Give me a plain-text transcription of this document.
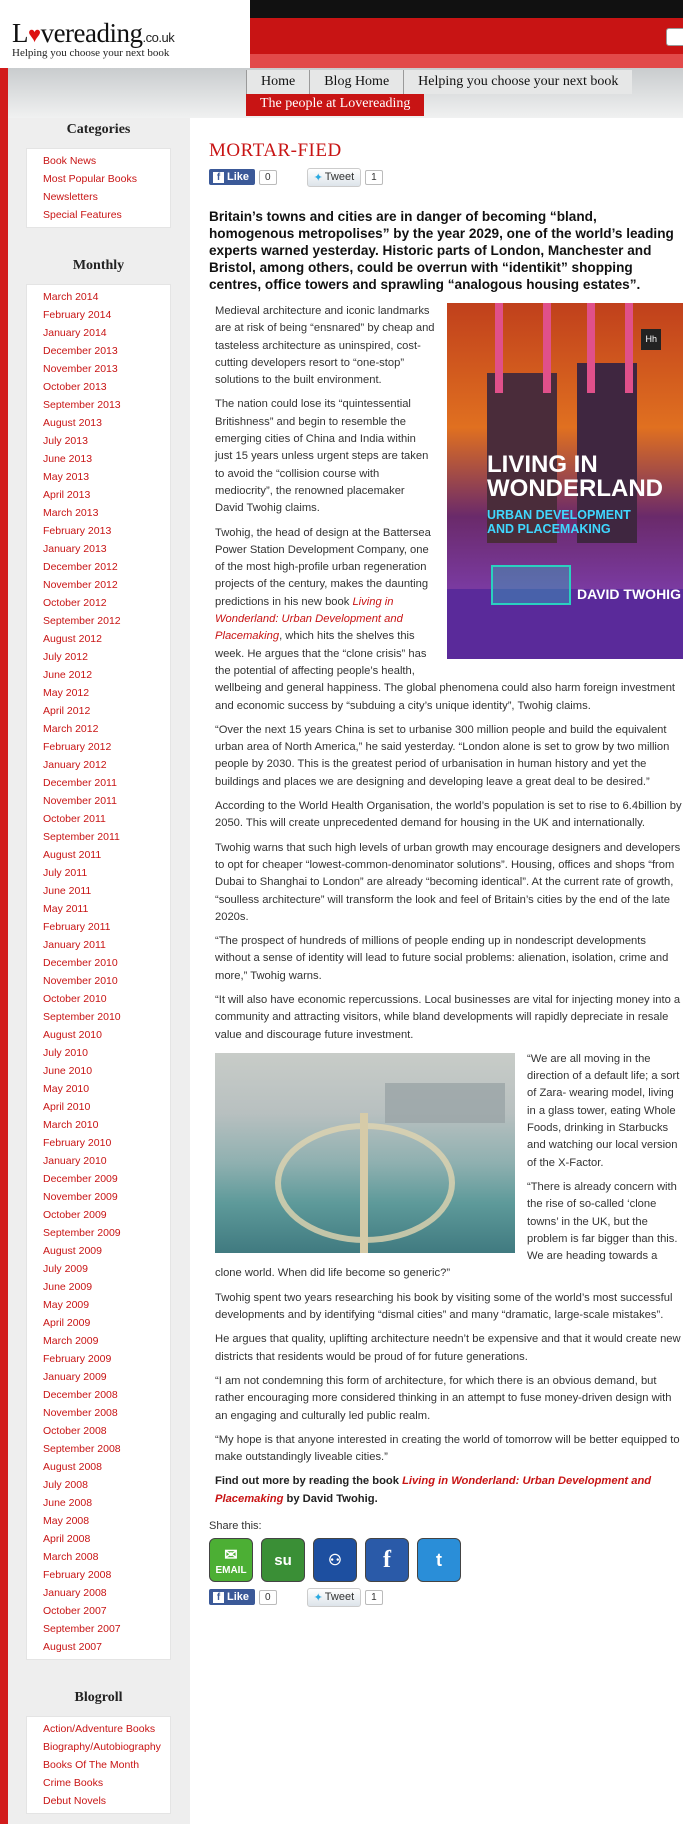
L♥vereading.co.uk
Helping you choose your next book
Home	Blog Home	Helping you choose your next book
The people at Lovereading
Categories
Book News
Most Popular Books
Newsletters
Special Features
Monthly
March 2014
February 2014
January 2014
December 2013
November 2013
October 2013
September 2013
August 2013
July 2013
June 2013
May 2013
April 2013
March 2013
February 2013
January 2013
December 2012
November 2012
October 2012
September 2012
August 2012
July 2012
June 2012
May 2012
April 2012
March 2012
February 2012
January 2012
December 2011
November 2011
October 2011
September 2011
August 2011
July 2011
June 2011
May 2011
February 2011
January 2011
December 2010
November 2010
October 2010
September 2010
August 2010
July 2010
June 2010
May 2010
April 2010
March 2010
February 2010
January 2010
December 2009
November 2009
October 2009
September 2009
August 2009
July 2009
June 2009
May 2009
April 2009
March 2009
February 2009
January 2009
December 2008
November 2008
October 2008
September 2008
August 2008
July 2008
June 2008
May 2008
April 2008
March 2008
February 2008
January 2008
October 2007
September 2007
August 2007
Blogroll
Action/Adventure Books
Biography/Autobiography
Books Of The Month
Crime Books
Debut Novels
MORTAR-FIED
f Like	0	✦ Tweet	1
Britain’s towns and cities are in danger of becoming “bland, homogenous metropolises” by the year 2029, one of the world’s leading experts warned yesterday. Historic parts of London, Manchester and Bristol, among others, could be overrun with “identikit” shopping centres, office towers and sprawling “analogous housing estates”.
Hh
LIVING IN
WONDERLAND
URBAN DEVELOPMENT
AND PLACEMAKING
DAVID TWOHIG

Medieval architecture and iconic landmarks are at risk of being “ensnared” by cheap and tasteless architecture as uninspired, cost-cutting developers resort to “one-stop” solutions to the built environment.

The nation could lose its “quintessential Britishness” and begin to resemble the emerging cities of China and India within just 15 years unless urgent steps are taken to avoid the “collision course with mediocrity”, the renowned placemaker David Twohig claims.

Twohig, the head of design at the Battersea Power Station Development Company, one of the most high-profile urban regeneration projects of the century, makes the daunting predictions in his new book Living in Wonderland: Urban Development and Placemaking, which hits the shelves this week. He argues that the “clone crisis” has the potential of affecting people’s health, wellbeing and general happiness. The global phenomena could also harm foreign investment and economic success by “subduing a city’s unique identity”, Twohig claims.

“Over the next 15 years China is set to urbanise 300 million people and build the equivalent urban area of North America,” he said yesterday. “London alone is set to grow by two million people by 2030. This is the greatest period of urbanisation in human history and yet the buildings and places we are designing and developing leave a great deal to be desired.”

According to the World Health Organisation, the world’s population is set to rise to 6.4billion by 2050. This will create unprecedented demand for housing in the UK and internationally.

Twohig warns that such high levels of urban growth may encourage designers and developers to opt for cheaper “lowest-common-denominator solutions”. Housing, offices and shops “from Dubai to Shanghai to London” are already “becoming identical”. At the current rate of growth, “soulless architecture” will transform the look and feel of Britain’s cities by the end of the late 2020s.

“The prospect of hundreds of millions of people ending up in nondescript developments without a sense of identity will lead to future social problems: alienation, isolation, crime and more,” Twohig warns.

“It will also have economic repercussions. Local businesses are vital for injecting money into a community and attracting visitors, while bland developments will rapidly depreciate in resale value and discourage future investment.

“We are all moving in the direction of a default life; a sort of Zara- wearing model, living in a glass tower, eating Whole Foods, drinking in Starbucks and watching our local version of the X-Factor.

“There is already concern with the rise of so-called ‘clone towns’ in the UK, but the problem is far bigger than this. We are heading towards a clone world. When did life become so generic?”

Twohig spent two years researching his book by visiting some of the world’s most successful developments and by identifying “dismal cities” and many “dramatic, large-scale mistakes”.

He argues that quality, uplifting architecture needn’t be expensive and that it would create new districts that residents would be proud of for future generations.

“I am not condemning this form of architecture, for which there is an obvious demand, but rather encouraging more considered thinking in an attempt to fuse money-driven design with an engaging and culturally led public realm.

“My hope is that anyone interested in creating the world of tomorrow will be better equipped to make outstandingly liveable cities.”

Find out more by reading the book Living in Wonderland: Urban Development and Placemaking by David Twohig.

Share this:
✉
EMAIL
su	⚇	f	t
f Like	0	✦ Tweet	1
